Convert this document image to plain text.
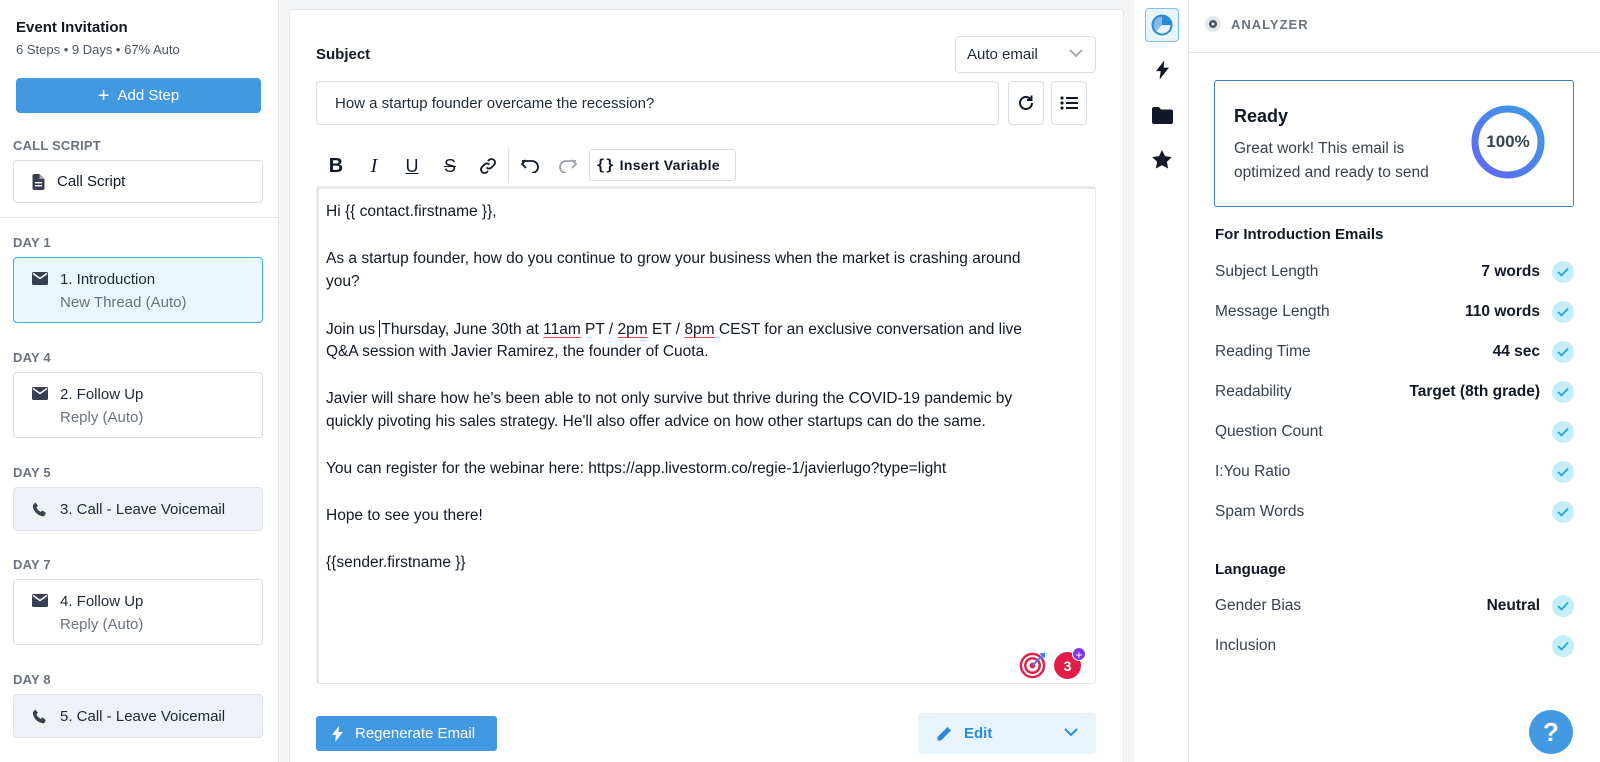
Event Invitation
6 Steps • 9 Days • 67% Auto
+ Add Step
CALL SCRIPT
Call Script
DAY 1
1. Introduction
New Thread (Auto)
DAY 4
2. Follow Up
Reply (Auto)
DAY 5
3. Call - Leave Voicemail
DAY 7
4. Follow Up
Reply (Auto)
DAY 8
5. Call - Leave Voicemail
Subject	Auto email
How a startup founder overcame the recession?
B I U S	{} Insert Variable
Hi {{ contact.firstname }},
As a startup founder, how do you continue to grow your business when the market is crashing around
you?
Join us Thursday, June 30th at 11am PT / 2pm ET / 8pm CEST for an exclusive conversation and live
Q&A session with Javier Ramirez, the founder of Cuota.
Javier will share how he's been able to not only survive but thrive during the COVID-19 pandemic by
quickly pivoting his sales strategy. He'll also offer advice on how other startups can do the same.
You can register for the webinar here: https://app.livestorm.co/regie-1/javierlugo?type=light
Hope to see you there!
{{sender.firstname }}
3
+
Regenerate Email	Edit
ANALYZER
Ready
Great work! This email is optimized and ready to send
100%
For Introduction Emails
Subject Length	7 words
Message Length	110 words
Reading Time	44 sec
Readability	Target (8th grade)
Question Count
I:You Ratio
Spam Words
Language
Gender Bias	Neutral
Inclusion
?
